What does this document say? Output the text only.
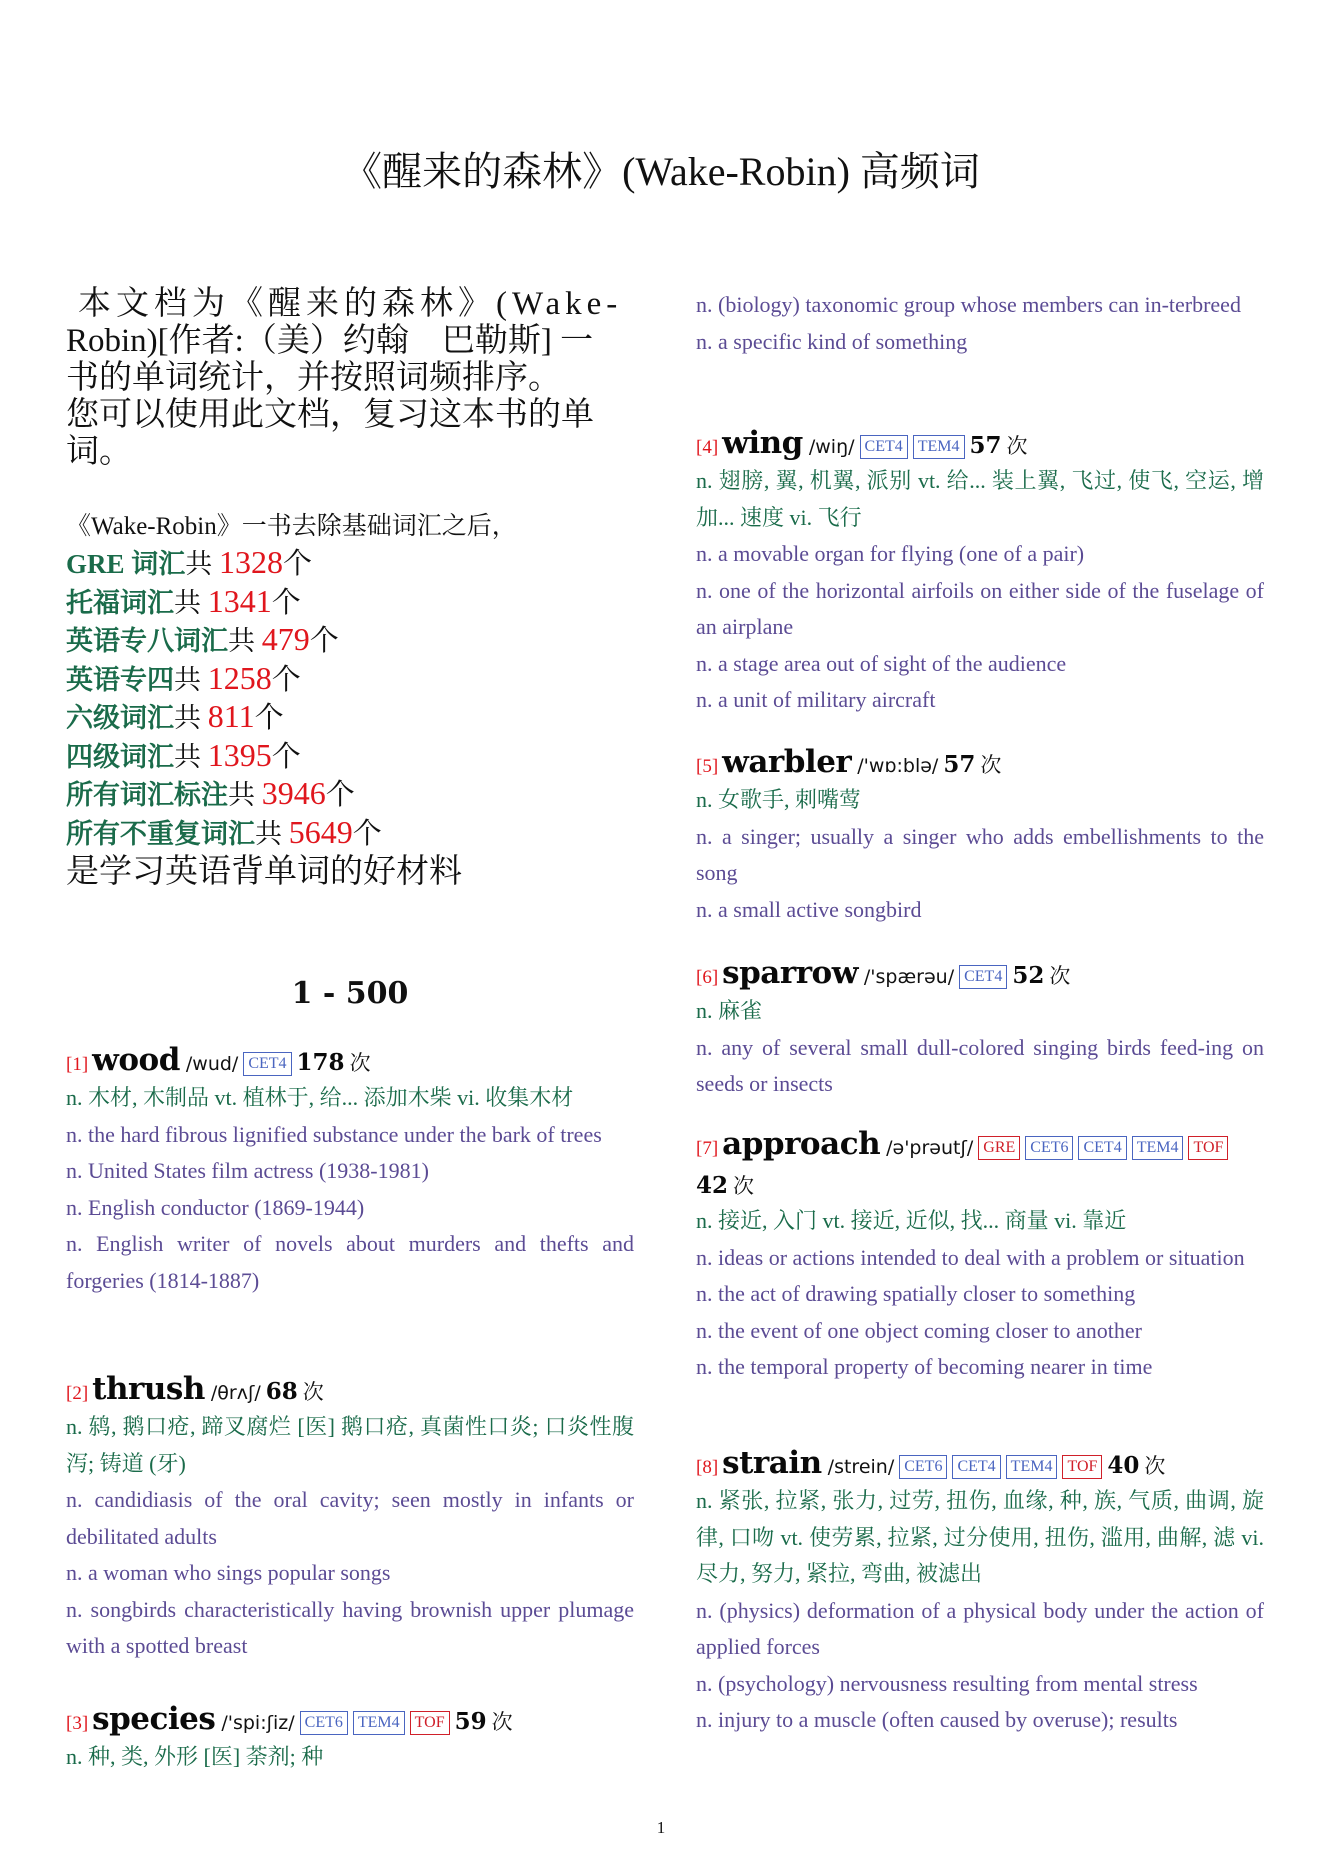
《醒来的森林》(Wake-Robin) 高频词

本文档为《醒来的森林》(Wake-

Robin)[作者:（美）约翰　巴勒斯] 一

书的单词统计，并按照词频排序。

您可以使用此文档，复习这本书的单

词。

《Wake-Robin》一书去除基础词汇之后，
GRE 词汇共 1328个
托福词汇共 1341个
英语专八词汇共 479个
英语专四共 1258个
六级词汇共 811个
四级词汇共 1395个
所有词汇标注共 3946个
所有不重复词汇共 5649个
是学习英语背单词的好材料
1 - 500
[1] wood /wud/ CET4 178 次
n. 木材, 木制品 vt. 植林于, 给... 添加木柴 vi. 收集木材
n. the hard fibrous lignified substance under the bark of trees
n. United States film actress (1938-1981)
n. English conductor (1869-1944)
n. English writer of novels about murders and thefts and forgeries (1814-1887)
[2] thrush /θrʌʃ/ 68 次
n. 鸫, 鹅口疮, 蹄叉腐烂 [医] 鹅口疮, 真菌性口炎; 口炎性腹泻; 铸道 (牙)
n. candidiasis of the oral cavity; seen mostly in infants or debilitated adults
n. a woman who sings popular songs
n. songbirds characteristically having brownish upper plumage with a spotted breast
[3] species /'spi:ʃiz/ CET6 TEM4 TOF 59 次
n. 种, 类, 外形 [医] 荼剂; 种
n. (biology) taxonomic group whose members can in-terbreed
n. a specific kind of something
[4] wing /wiŋ/ CET4 TEM4 57 次
n. 翅膀, 翼, 机翼, 派别 vt. 给... 装上翼, 飞过, 使飞, 空运, 增加... 速度 vi. 飞行
n. a movable organ for flying (one of a pair)
n. one of the horizontal airfoils on either side of the fuselage of an airplane
n. a stage area out of sight of the audience
n. a unit of military aircraft
[5] warbler /'wɒ:blə/ 57 次
n. 女歌手, 刺嘴莺
n. a singer; usually a singer who adds embellishments to the song
n. a small active songbird
[6] sparrow /'spærəu/ CET4 52 次
n. 麻雀
n. any of several small dull-colored singing birds feed-ing on seeds or insects
[7] approach /ə'prəutʃ/ GRE CET6 CET4 TEM4 TOF
42 次
n. 接近, 入门 vt. 接近, 近似, 找... 商量 vi. 靠近
n. ideas or actions intended to deal with a problem or situation
n. the act of drawing spatially closer to something
n. the event of one object coming closer to another
n. the temporal property of becoming nearer in time
[8] strain /strein/ CET6 CET4 TEM4 TOF 40 次
n. 紧张, 拉紧, 张力, 过劳, 扭伤, 血缘, 种, 族, 气质, 曲调, 旋律, 口吻 vt. 使劳累, 拉紧, 过分使用, 扭伤, 滥用, 曲解, 滤 vi. 尽力, 努力, 紧拉, 弯曲, 被滤出
n. (physics) deformation of a physical body under the action of applied forces
n. (psychology) nervousness resulting from mental stress
n. injury to a muscle (often caused by overuse); results
1
